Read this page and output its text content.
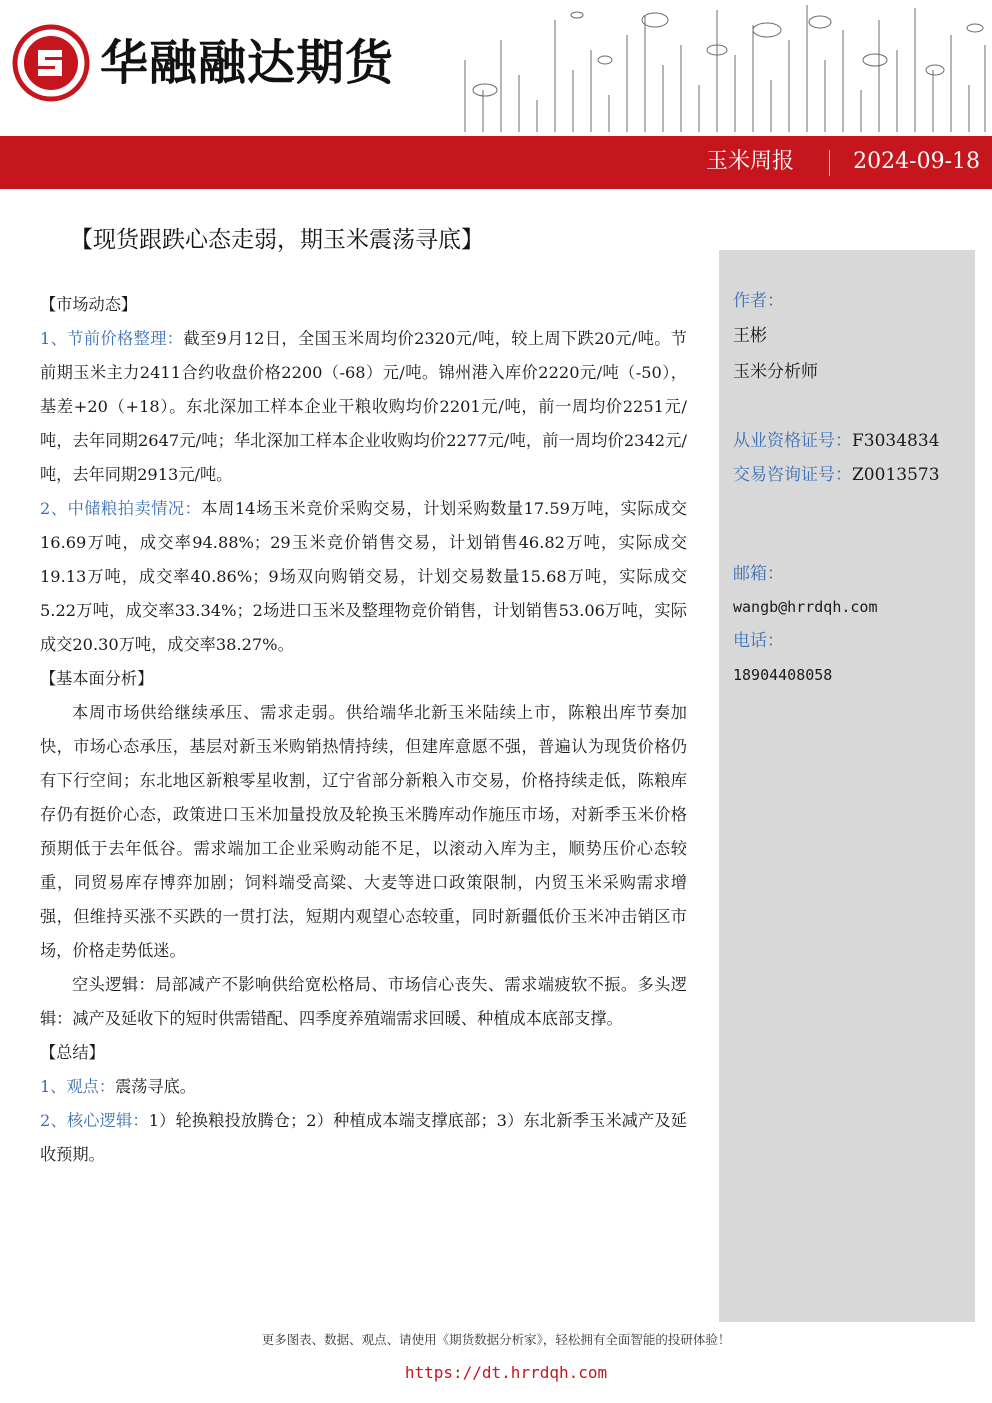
华融融达期货
玉米周报	2024-09-18
【现货跟跌心态走弱，期玉米震荡寻底】
【市场动态】

1、节前价格整理：截至9月12日，全国玉米周均价2320元/吨，较上周下跌20元/吨。节前期玉米主力2411合约收盘价格2200（-68）元/吨。锦州港入库价2220元/吨（-50），基差+20（+18）。东北深加工样本企业干粮收购均价2201元/吨，前一周均价2251元/吨，去年同期2647元/吨；华北深加工样本企业收购均价2277元/吨，前一周均价2342元/吨，去年同期2913元/吨。

2、中储粮拍卖情况：本周14场玉米竞价采购交易，计划采购数量17.59万吨，实际成交16.69万吨，成交率94.88%；29玉米竞价销售交易，计划销售46.82万吨，实际成交19.13万吨，成交率40.86%；9场双向购销交易，计划交易数量15.68万吨，实际成交5.22万吨，成交率33.34%；2场进口玉米及整理物竞价销售，计划销售53.06万吨，实际成交20.30万吨，成交率38.27%。

【基本面分析】

本周市场供给继续承压、需求走弱。供给端华北新玉米陆续上市，陈粮出库节奏加快，市场心态承压，基层对新玉米购销热情持续，但建库意愿不强，普遍认为现货价格仍有下行空间；东北地区新粮零星收割，辽宁省部分新粮入市交易，价格持续走低，陈粮库存仍有挺价心态，政策进口玉米加量投放及轮换玉米腾库动作施压市场，对新季玉米价格预期低于去年低谷。需求端加工企业采购动能不足，以滚动入库为主，顺势压价心态较重，同贸易库存博弈加剧；饲料端受高粱、大麦等进口政策限制，内贸玉米采购需求增强，但维持买涨不买跌的一贯打法，短期内观望心态较重，同时新疆低价玉米冲击销区市场，价格走势低迷。

空头逻辑：局部减产不影响供给宽松格局、市场信心丧失、需求端疲软不振。多头逻辑：减产及延收下的短时供需错配、四季度养殖端需求回暖、种植成本底部支撑。

【总结】

1、观点：震荡寻底。

2、核心逻辑：1）轮换粮投放腾仓；2）种植成本端支撑底部；3）东北新季玉米减产及延收预期。

作者：
王彬
玉米分析师
从业资格证号：F3034834
交易咨询证号：Z0013573
邮箱：
wangb@hrrdqh.com
电话：
18904408058
更多图表、数据、观点、请使用《期货数据分析家》，轻松拥有全面智能的投研体验！
https://dt.hrrdqh.com
